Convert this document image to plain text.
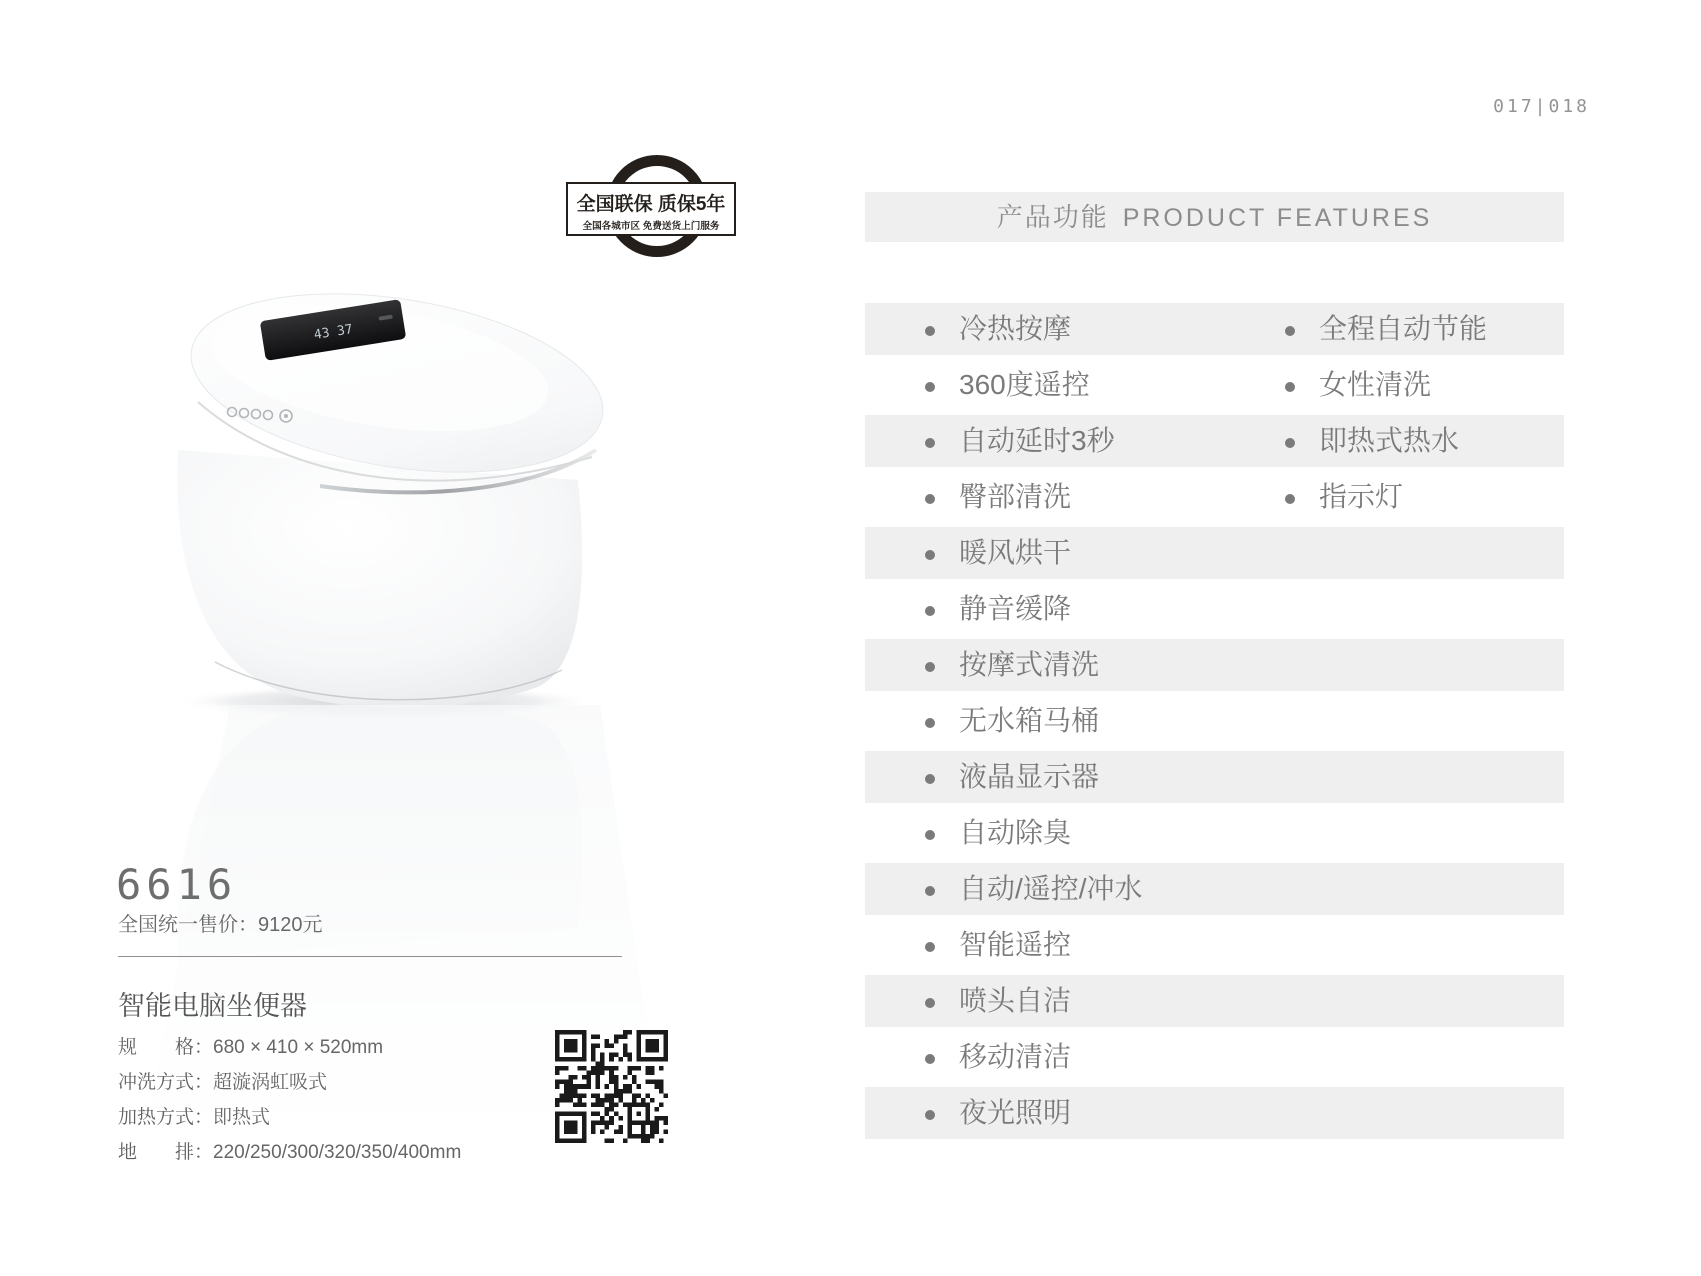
017|018
全国联保 质保5年
全国各城市区 免费送货上门服务
43 37
6616
全国统一售价：9120元
智能电脑坐便器
规　　格：680 × 410 × 520mm
冲洗方式：超漩涡虹吸式
加热方式：即热式
地　　排：220/250/300/320/350/400mm
产品功能 PRODUCT FEATURES
冷热按摩	全程自动节能
360度遥控	女性清洗
自动延时3秒	即热式热水
臀部清洗	指示灯
暖风烘干
静音缓降
按摩式清洗
无水箱马桶
液晶显示器
自动除臭
自动/遥控/冲水
智能遥控
喷头自洁
移动清洁
夜光照明
